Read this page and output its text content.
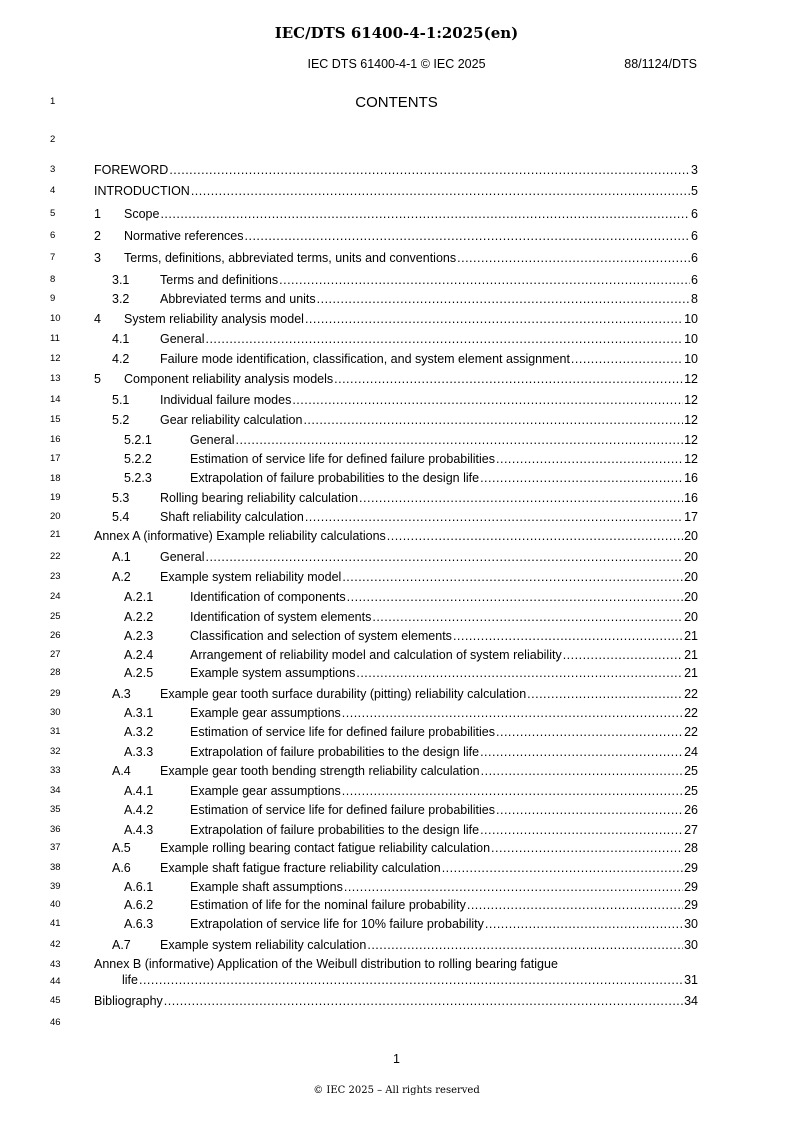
IEC/DTS 61400-4-1:2025(en)
IEC DTS 61400-4-1 © IEC 2025	88/1124/DTS
1
2
3
4
5
6
7
8
9
10
11
12
13
14
15
16
17
18
19
20
21
22
23
24
25
26
27
28
29
30
31
32
33
34
35
36
37
38
39
40
41
42
43
44
45
46
CONTENTS
FOREWORD .....	3
INTRODUCTION .....	5
1	Scope .....	6
2	Normative references .....	6
3	Terms, definitions, abbreviated terms, units and conventions .....	6
3.1	Terms and definitions .....	6
3.2	Abbreviated terms and units .....	8
4	System reliability analysis model .....	10
4.1	General .....	10
4.2	Failure mode identification, classification, and system element assignment .....	10
5	Component reliability analysis models .....	12
5.1	Individual failure modes .....	12
5.2	Gear reliability calculation .....	12
5.2.1	General .....	12
5.2.2	Estimation of service life for defined failure probabilities .....	12
5.2.3	Extrapolation of failure probabilities to the design life .....	16
5.3	Rolling bearing reliability calculation .....	16
5.4	Shaft reliability calculation .....	17
Annex A (informative) Example reliability calculations .....	20
A.1	General .....	20
A.2	Example system reliability model .....	20
A.2.1	Identification of components .....	20
A.2.2	Identification of system elements .....	20
A.2.3	Classification and selection of system elements .....	21
A.2.4	Arrangement of reliability model and calculation of system reliability .....	21
A.2.5	Example system assumptions .....	21
A.3	Example gear tooth surface durability (pitting) reliability calculation .....	22
A.3.1	Example gear assumptions .....	22
A.3.2	Estimation of service life for defined failure probabilities .....	22
A.3.3	Extrapolation of failure probabilities to the design life .....	24
A.4	Example gear tooth bending strength reliability calculation .....	25
A.4.1	Example gear assumptions .....	25
A.4.2	Estimation of service life for defined failure probabilities .....	26
A.4.3	Extrapolation of failure probabilities to the design life .....	27
A.5	Example rolling bearing contact fatigue reliability calculation .....	28
A.6	Example shaft fatigue fracture reliability calculation .....	29
A.6.1	Example shaft assumptions .....	29
A.6.2	Estimation of life for the nominal failure probability .....	29
A.6.3	Extrapolation of service life for 10% failure probability .....	30
A.7	Example system reliability calculation .....	30
Annex B (informative) Application of the Weibull distribution to rolling bearing fatigue
life .....	31
Bibliography .....	34
1
© IEC 2025 – All rights reserved
